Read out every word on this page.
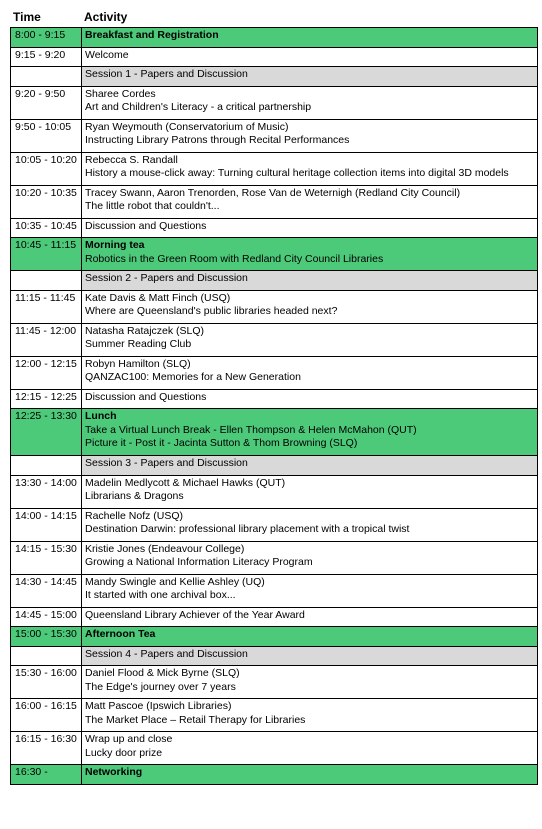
Time	Activity
8:00 - 9:15	Breakfast and Registration

9:15 - 9:20	Welcome

	Session 1 - Papers and Discussion

9:20 - 9:50	Sharee Cordes
Art and Children's Literacy - a critical partnership

9:50 - 10:05	Ryan Weymouth (Conservatorium of Music)
Instructing Library Patrons through Recital Performances

10:05 - 10:20	Rebecca S. Randall
History a mouse-click away: Turning cultural heritage collection items into digital 3D models

10:20 - 10:35	Tracey Swann, Aaron Trenorden, Rose Van de Weternigh (Redland City Council)
The little robot that couldn't...

10:35 - 10:45	Discussion and Questions

10:45 - 11:15	Morning tea
Robotics in the Green Room with Redland City Council Libraries

	Session 2 - Papers and Discussion

11:15 - 11:45	Kate Davis & Matt Finch (USQ)
Where are Queensland's public libraries headed next?

11:45 - 12:00	Natasha Ratajczek (SLQ)
Summer Reading Club

12:00 - 12:15	Robyn Hamilton (SLQ)
QANZAC100: Memories for a New Generation

12:15 - 12:25	Discussion and Questions

12:25 - 13:30	Lunch
Take a Virtual Lunch Break - Ellen Thompson & Helen McMahon (QUT)
Picture it - Post it - Jacinta Sutton & Thom Browning (SLQ)

	Session 3 - Papers and Discussion

13:30 - 14:00	Madelin Medlycott & Michael Hawks (QUT)
Librarians & Dragons

14:00 - 14:15	Rachelle Nofz (USQ)
Destination Darwin: professional library placement with a tropical twist

14:15 - 15:30	Kristie Jones (Endeavour College)
Growing a National Information Literacy Program

14:30 - 14:45	Mandy Swingle and Kellie Ashley (UQ)
It started with one archival box...

14:45 - 15:00	Queensland Library Achiever of the Year Award

15:00 - 15:30	Afternoon Tea

	Session 4 - Papers and Discussion

15:30 - 16:00	Daniel Flood & Mick Byrne (SLQ)
The Edge's journey over 7 years

16:00 - 16:15	Matt Pascoe (Ipswich Libraries)
The Market Place – Retail Therapy for Libraries

16:15 - 16:30	Wrap up and close
Lucky door prize

16:30 -	Networking
